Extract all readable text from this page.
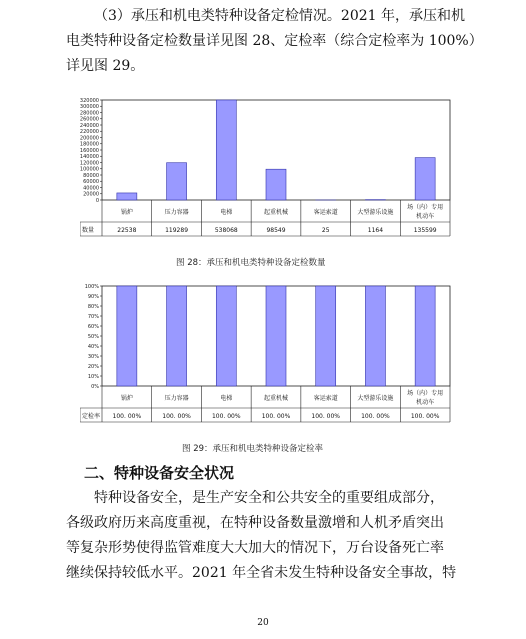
（3）承压和机电类特种设备定检情况。2021 年，承压和机
电类特种设备定检数量详见图 28、定检率（综合定检率为 100%）
详见图 29。

0
20000
40000
60000
80000
100000
120000
140000
160000
180000
200000
220000
240000
260000
280000
300000
320000
锅炉
22538
压力容器
119289
电梯
538068
起重机械
98549
客运索道
25
大型游乐设施
1164
场（内）专用
机动车
135599
数量
图 28：承压和机电类特种设备定检数量
0%
10%
20%
30%
40%
50%
60%
70%
80%
90%
100%
锅炉
100. 00%
压力容器
100. 00%
电梯
100. 00%
起重机械
100. 00%
客运索道
100. 00%
大型游乐设施
100. 00%
场（内）专用
机动车
100. 00%
定检率
图 29：承压和机电类特种设备定检率
二、特种设备安全状况

特种设备安全，是生产安全和公共安全的重要组成部分，
各级政府历来高度重视，在特种设备数量激增和人机矛盾突出
等复杂形势使得监管难度大大加大的情况下，万台设备死亡率
继续保持较低水平。2021 年全省未发生特种设备安全事故，特

20
